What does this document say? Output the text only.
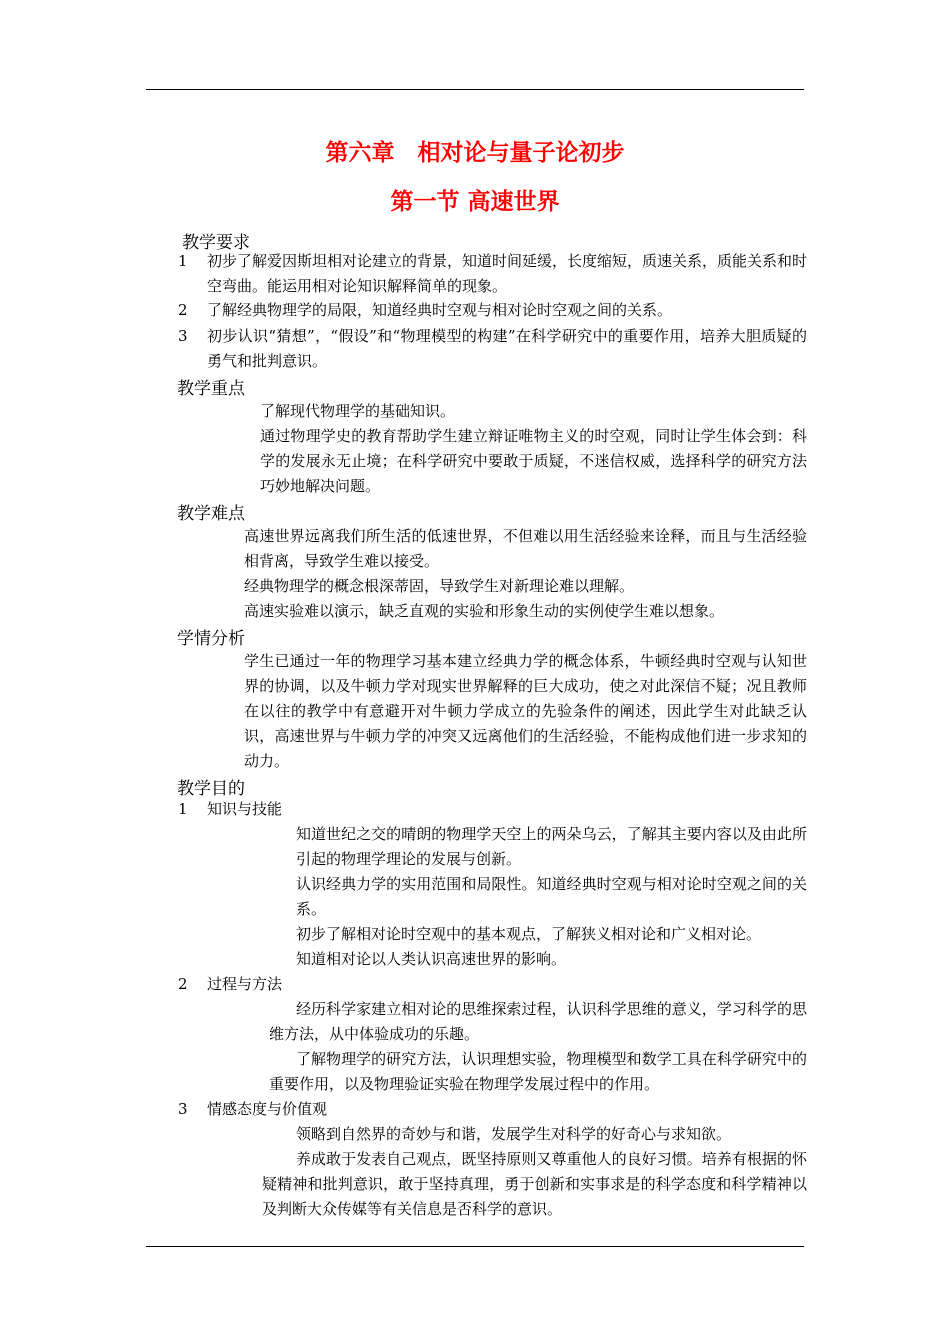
第六章　相对论与量子论初步
第一节 高速世界
教学要求
1 初步了解爱因斯坦相对论建立的背景，知道时间延缓，长度缩短，质速关系，质能关系和时空弯曲。能运用相对论知识解释简单的现象。
2 了解经典物理学的局限，知道经典时空观与相对论时空观之间的关系。
3 初步认识“猜想”，“假设”和“物理模型的构建”在科学研究中的重要作用，培养大胆质疑的勇气和批判意识。
教学重点
了解现代物理学的基础知识。
通过物理学史的教育帮助学生建立辩证唯物主义的时空观，同时让学生体会到：科学的发展永无止境；在科学研究中要敢于质疑，不迷信权威，选择科学的研究方法巧妙地解决问题。
教学难点
高速世界远离我们所生活的低速世界，不但难以用生活经验来诠释，而且与生活经验相背离，导致学生难以接受。
经典物理学的概念根深蒂固，导致学生对新理论难以理解。
高速实验难以演示，缺乏直观的实验和形象生动的实例使学生难以想象。
学情分析
学生已通过一年的物理学习基本建立经典力学的概念体系，牛顿经典时空观与认知世界的协调，以及牛顿力学对现实世界解释的巨大成功，使之对此深信不疑；况且教师在以往的教学中有意避开对牛顿力学成立的先验条件的阐述，因此学生对此缺乏认识，高速世界与牛顿力学的冲突又远离他们的生活经验，不能构成他们进一步求知的动力。
教学目的
1 知识与技能
知道世纪之交的晴朗的物理学天空上的两朵乌云，了解其主要内容以及由此所引起的物理学理论的发展与创新。
认识经典力学的实用范围和局限性。知道经典时空观与相对论时空观之间的关系。
初步了解相对论时空观中的基本观点，了解狭义相对论和广义相对论。
知道相对论以人类认识高速世界的影响。
2 过程与方法
经历科学家建立相对论的思维探索过程，认识科学思维的意义，学习科学的思维方法，从中体验成功的乐趣。
了解物理学的研究方法，认识理想实验，物理模型和数学工具在科学研究中的重要作用，以及物理验证实验在物理学发展过程中的作用。
3 情感态度与价值观
领略到自然界的奇妙与和谐，发展学生对科学的好奇心与求知欲。
养成敢于发表自己观点，既坚持原则又尊重他人的良好习惯。培养有根据的怀疑精神和批判意识，敢于坚持真理，勇于创新和实事求是的科学态度和科学精神以及判断大众传媒等有关信息是否科学的意识。
